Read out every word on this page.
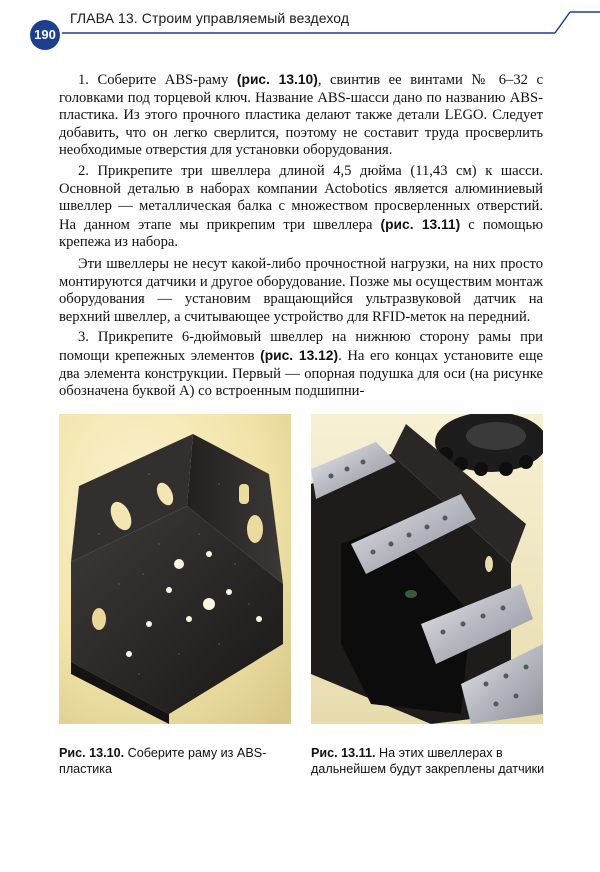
190
ГЛАВА 13. Строим управляемый вездеход

1. Соберите ABS-раму (рис. 13.10), свинтив ее винтами № 6–32 с головками под торцевой ключ. Название ABS-шасси дано по названию ABS-пластика. Из этого прочного пластика делают также детали LEGO. Следует добавить, что он легко сверлится, поэтому не составит труда просверлить необходимые отверстия для установки оборудования.

2. Прикрепите три швеллера длиной 4,5 дюйма (11,43 см) к шасси. Основной деталью в наборах компании Actobotics является алюминиевый швеллер — металлическая балка с множеством просверленных отверстий. На данном этапе мы прикрепим три швеллера (рис. 13.11) с помощью крепежа из набора.

Эти швеллеры не несут какой-либо прочностной нагрузки, на них просто монтируются датчики и другое оборудование. Позже мы осуществим монтаж оборудования — установим вращающийся ультразвуковой датчик на верхний швеллер, а считывающее устройство для RFID-меток на передний.

3. Прикрепите 6-дюймовый швеллер на нижнюю сторону рамы при помощи крепежных элементов (рис. 13.12). На его концах установите еще два элемента конструкции. Первый — опорная подушка для оси (на рисунке обозначена буквой А) со встроенным подшипни-

Рис. 13.10. Соберите раму из ABS-пластика
Рис. 13.11. На этих швеллерах в дальнейшем будут закреплены датчики
